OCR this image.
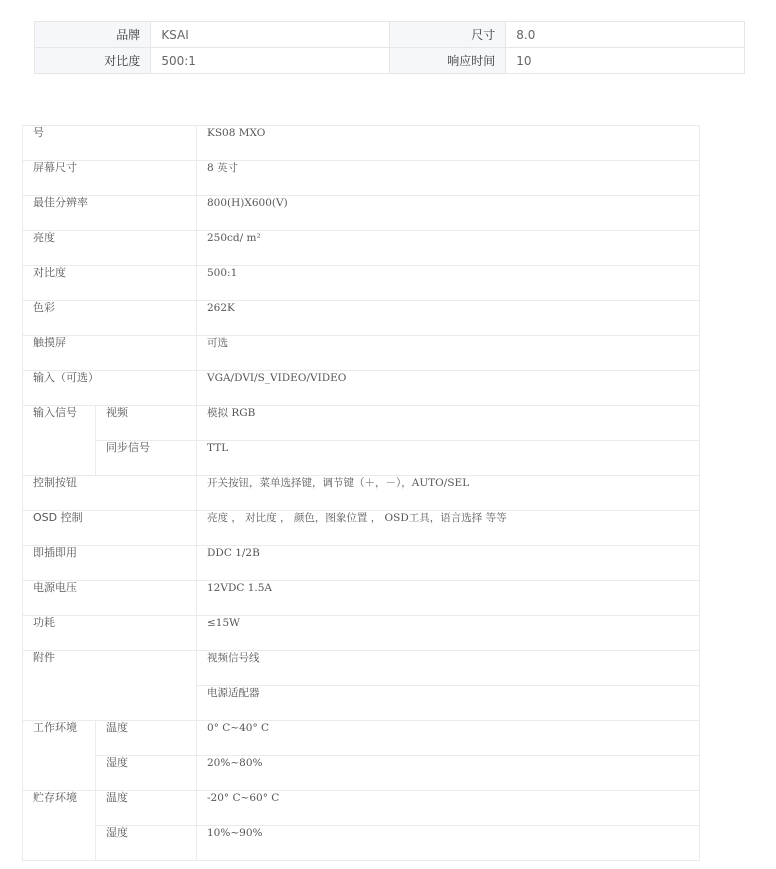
品牌	KSAI	尺寸	8.0
对比度	500:1	响应时间	10
号		KS08 MXO
屏幕尺寸		8 英寸
最佳分辨率		800(H)X600(V)
亮度		250cd/ m²
对比度		500:1
色彩		262K
触摸屏		可选
输入（可选）		VGA/DVI/S_VIDEO/VIDEO
输入信号	视频	模拟 RGB
	同步信号	TTL
控制按钮		开关按钮，菜单选择键，调节键（＋，－），AUTO/SEL
OSD 控制		亮度 ， 对比度 ， 颜色，图象位置 ， OSD工具，语言选择 等等
即插即用		DDC 1/2B
电源电压		12VDC 1.5A
功耗		≤15W
附件		视频信号线
		电源适配器
工作环境	温度	0° C~40° C
	湿度	20%~80%
贮存环境	温度	-20° C~60° C
	湿度	10%~90%
